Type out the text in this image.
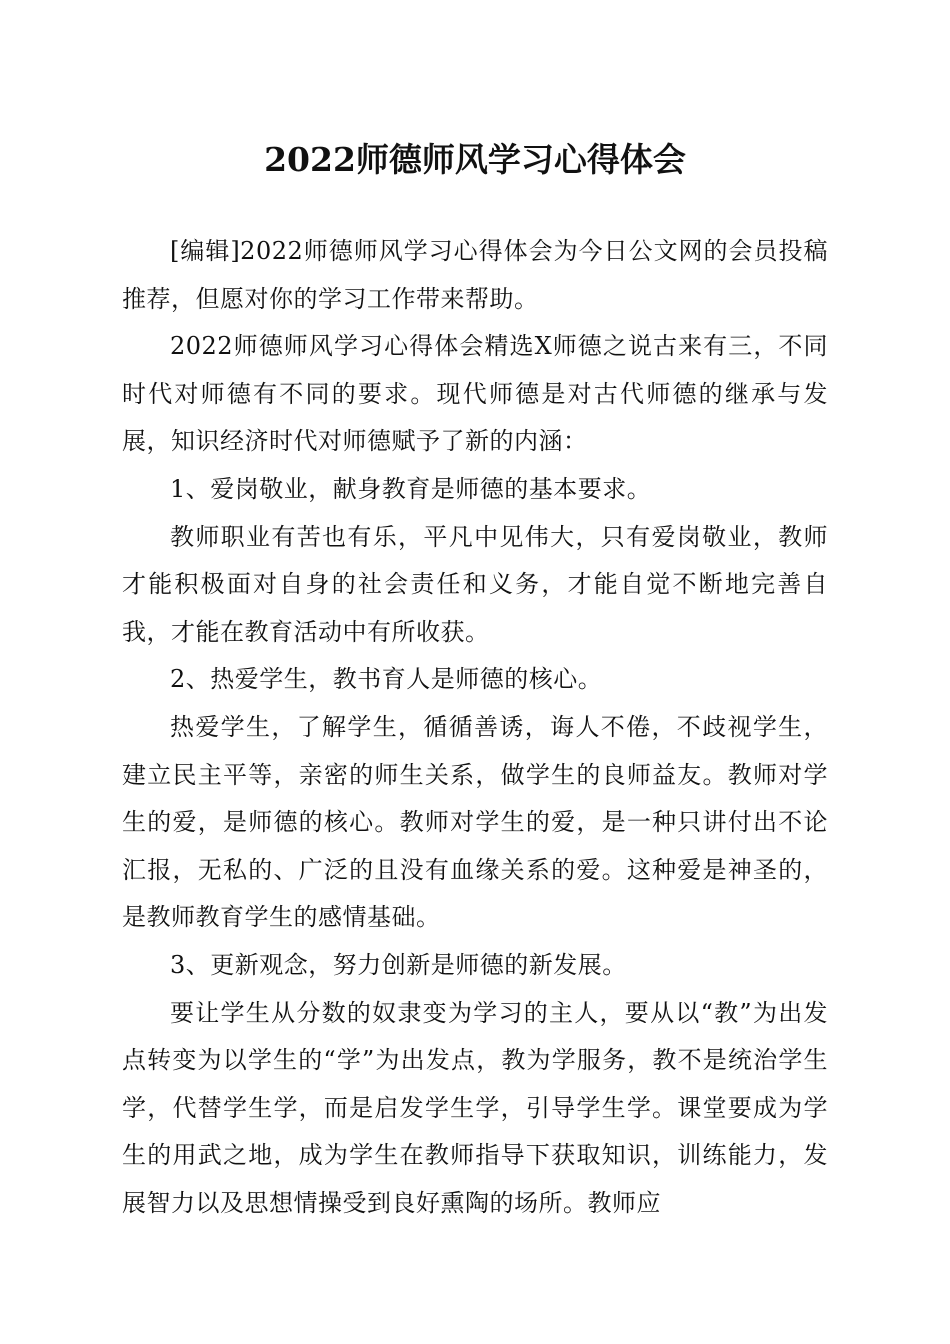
2022师德师风学习心得体会

[编辑]2022师德师风学习心得体会为今日公文网的会员投稿推荐，但愿对你的学习工作带来帮助。

2022师德师风学习心得体会精选X师德之说古来有三，不同时代对师德有不同的要求。现代师德是对古代师德的继承与发展，知识经济时代对师德赋予了新的内涵：

1、爱岗敬业，献身教育是师德的基本要求。

教师职业有苦也有乐，平凡中见伟大，只有爱岗敬业，教师才能积极面对自身的社会责任和义务，才能自觉不断地完善自我，才能在教育活动中有所收获。

2、热爱学生，教书育人是师德的核心。

热爱学生，了解学生，循循善诱，诲人不倦，不歧视学生，建立民主平等，亲密的师生关系，做学生的良师益友。教师对学生的爱，是师德的核心。教师对学生的爱，是一种只讲付出不论汇报，无私的、广泛的且没有血缘关系的爱。这种爱是神圣的，是教师教育学生的感情基础。

3、更新观念，努力创新是师德的新发展。

要让学生从分数的奴隶变为学习的主人，要从以“教”为出发点转变为以学生的“学”为出发点，教为学服务，教不是统治学生学，代替学生学，而是启发学生学，引导学生学。课堂要成为学生的用武之地，成为学生在教师指导下获取知识，训练能力，发展智力以及思想情操受到良好熏陶的场所。教师应
